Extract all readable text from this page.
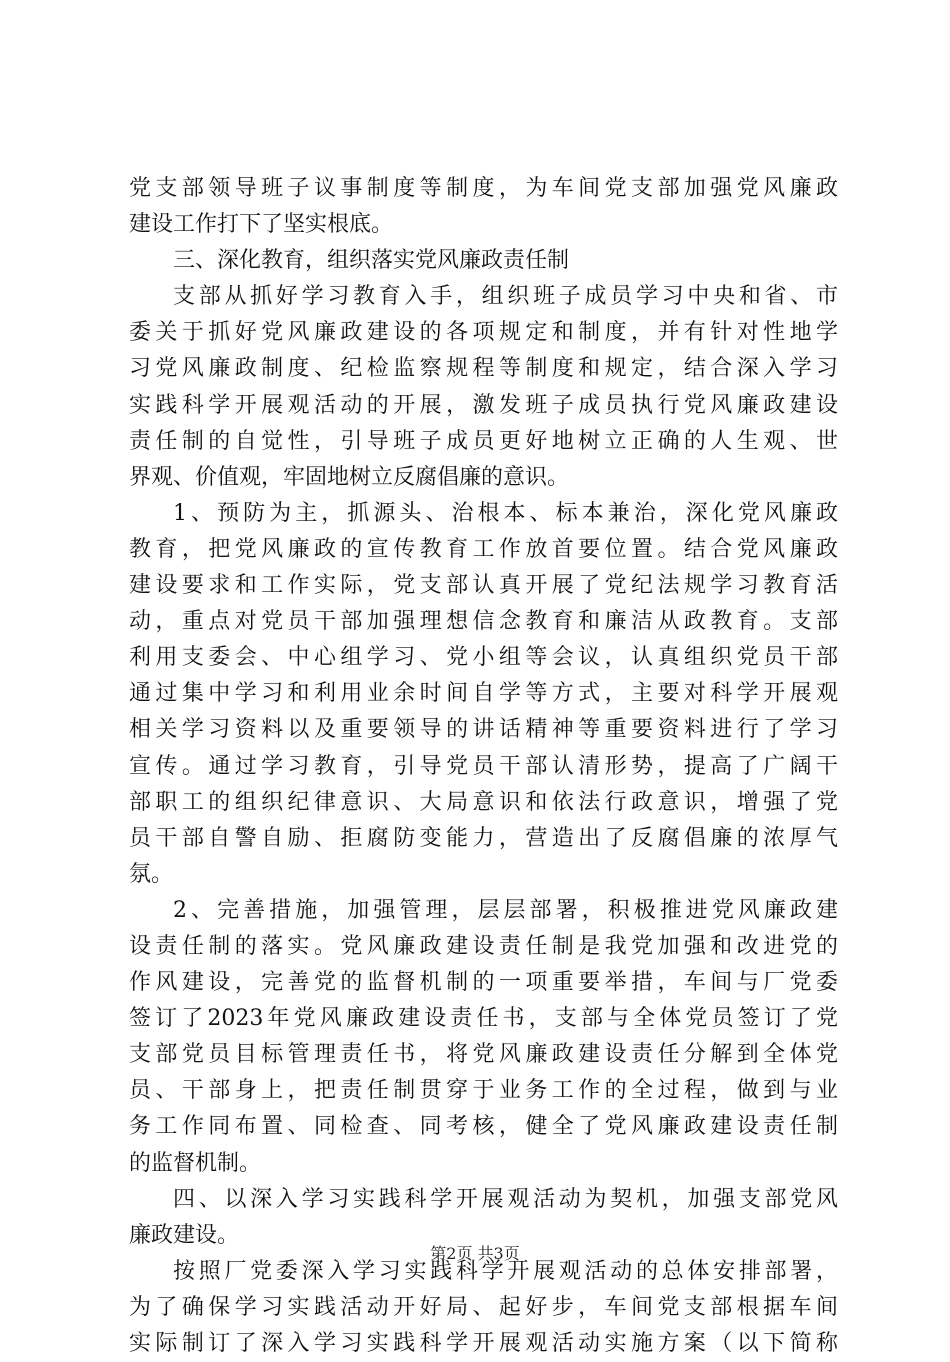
党支部领导班子议事制度等制度，为车间党支部加强党风廉政
建设工作打下了坚实根底。
三、深化教育，组织落实党风廉政责任制
支部从抓好学习教育入手，组织班子成员学习中央和省、市
委关于抓好党风廉政建设的各项规定和制度，并有针对性地学
习党风廉政制度、纪检监察规程等制度和规定，结合深入学习
实践科学开展观活动的开展，激发班子成员执行党风廉政建设
责任制的自觉性，引导班子成员更好地树立正确的人生观、世
界观、价值观，牢固地树立反腐倡廉的意识。
1、预防为主，抓源头、治根本、标本兼治，深化党风廉政
教育，把党风廉政的宣传教育工作放首要位置。结合党风廉政
建设要求和工作实际，党支部认真开展了党纪法规学习教育活
动，重点对党员干部加强理想信念教育和廉洁从政教育。支部
利用支委会、中心组学习、党小组等会议，认真组织党员干部
通过集中学习和利用业余时间自学等方式，主要对科学开展观
相关学习资料以及重要领导的讲话精神等重要资料进行了学习
宣传。通过学习教育，引导党员干部认清形势，提高了广阔干
部职工的组织纪律意识、大局意识和依法行政意识，增强了党
员干部自警自励、拒腐防变能力，营造出了反腐倡廉的浓厚气
氛。
2、完善措施，加强管理，层层部署，积极推进党风廉政建
设责任制的落实。党风廉政建设责任制是我党加强和改进党的
作风建设，完善党的监督机制的一项重要举措，车间与厂党委
签订了2023年党风廉政建设责任书，支部与全体党员签订了党
支部党员目标管理责任书，将党风廉政建设责任分解到全体党
员、干部身上，把责任制贯穿于业务工作的全过程，做到与业
务工作同布置、同检查、同考核，健全了党风廉政建设责任制
的监督机制。
四、以深入学习实践科学开展观活动为契机，加强支部党风
廉政建设。
按照厂党委深入学习实践科学开展观活动的总体安排部署，
为了确保学习实践活动开好局、起好步，车间党支部根据车间
实际制订了深入学习实践科学开展观活动实施方案（以下简称
第2页 共3页
